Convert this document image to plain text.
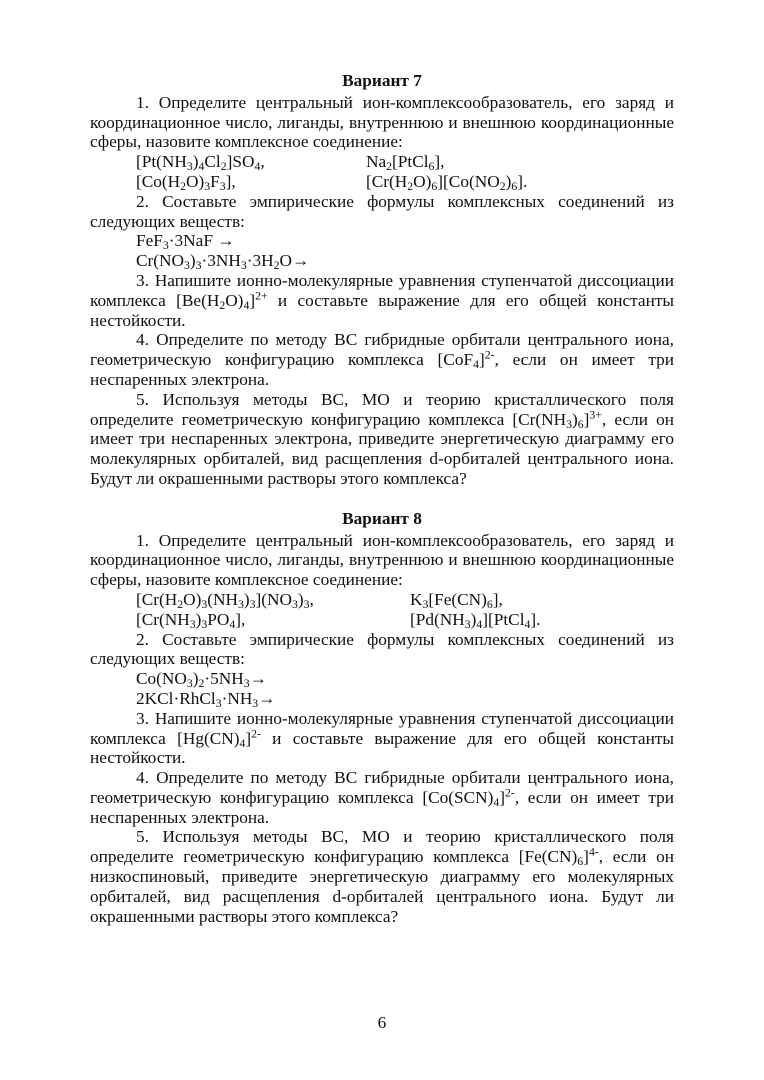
Вариант 7

1. Определите центральный ион-комплексообразователь, его заряд и координационное число, лиганды, внутреннюю и внешнюю координационные сферы, назовите комплексное соединение:

$[Pt(NH_3)_4Cl_2]SO_4$,	$Na_2[PtCl_6]$,
$[Co(H_2O)_3F_3]$,	$[Cr(H_2O)_6][Co(NO_2)_6]$.

2. Составьте эмпирические формулы комплексных соединений из следующих веществ:

FeF$_3$·3NaF →
$Cr(NO_3)_3\cdot 3NH_3\cdot 3H_2O\to$

3. Напишите ионно-молекулярные уравнения ступенчатой диссоциации комплекса $[Be(H_2O)_4]^{2+}$ и составьте выражение для его общей константы нестойкости.

4. Определите по методу ВС гибридные орбитали центрального иона, геометрическую конфигурацию комплекса $[CoF_4]^{2-}$, если он имеет три неспаренных электрона.

5. Используя методы ВС, МО и теорию кристаллического поля определите геометрическую конфигурацию комплекса $[Cr(NH_3)_6]^{3+}$, если он имеет три неспаренных электрона, приведите энергетическую диаграмму его молекулярных орбиталей, вид расщепления d-орбиталей центрального иона. Будут ли окрашенными растворы этого комплекса?

Вариант 8

1. Определите центральный ион-комплексообразователь, его заряд и координационное число, лиганды, внутреннюю и внешнюю координационные сферы, назовите комплексное соединение:

$[Cr(H_2O)_3(NH_3)_3](NO_3)_3$,	$K_3[Fe(CN)_6]$,
$[Cr(NH_3)_3PO_4]$,	$[Pd(NH_3)_4][PtCl_4]$.

2. Составьте эмпирические формулы комплексных соединений из следующих веществ:

$Co(NO_3)_2\cdot 5NH_3\to$
$2KCl\cdot RhCl_3\cdot NH_3\to$

3. Напишите ионно-молекулярные уравнения ступенчатой диссоциации комплекса $[Hg(CN)_4]^{2-}$ и составьте выражение для его общей константы нестойкости.

4. Определите по методу ВС гибридные орбитали центрального иона, геометрическую конфигурацию комплекса $[Co(SCN)_4]^{2-}$, если он имеет три неспаренных электрона.

5. Используя методы ВС, МО и теорию кристаллического поля определите геометрическую конфигурацию комплекса $[Fe(CN)_6]^{4-}$, если он низкоспиновый, приведите энергетическую диаграмму его молекулярных орбиталей, вид расщепления d-орбиталей центрального иона. Будут ли окрашенными растворы этого комплекса?

6
